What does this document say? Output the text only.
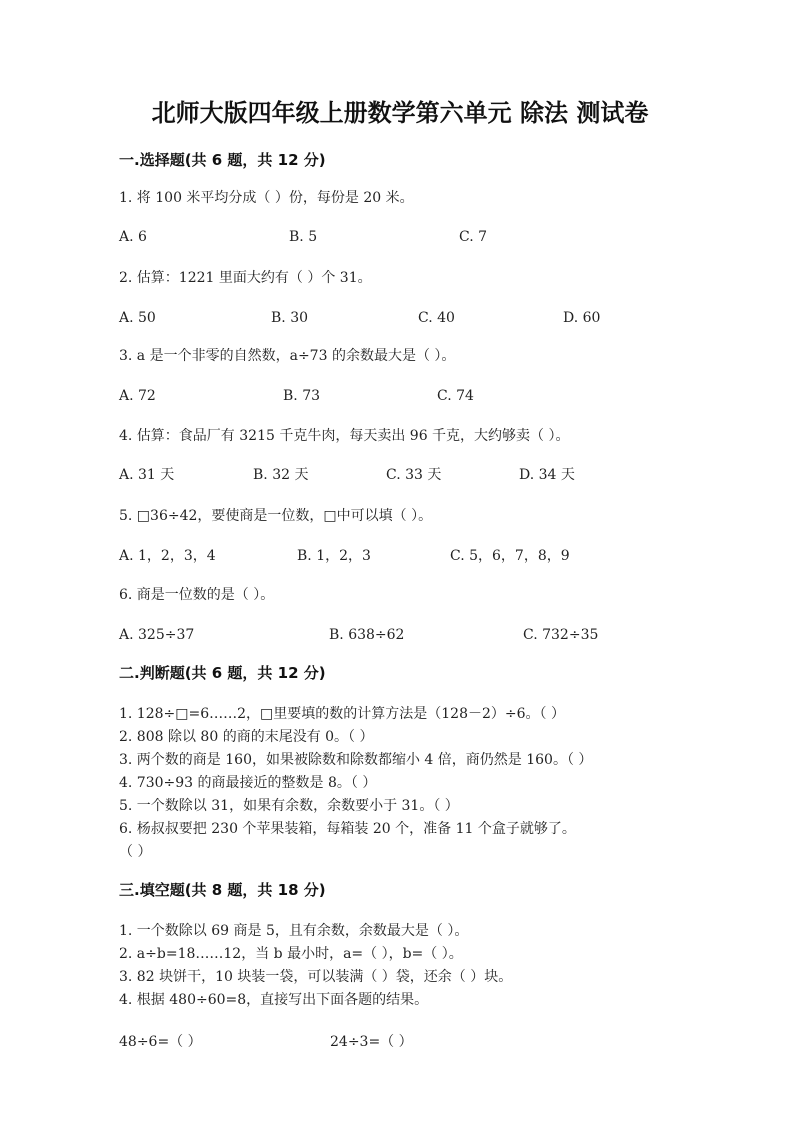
北师大版四年级上册数学第六单元 除法 测试卷
一.选择题(共 6 题，共 12 分)
1. 将 100 米平均分成（ ）份，每份是 20 米。
A. 6	B. 5	C. 7
2. 估算：1221 里面大约有（ ）个 31。
A. 50	B. 30	C. 40	D. 60
3. a 是一个非零的自然数，a÷73 的余数最大是（ ）。
A. 72	B. 73	C. 74
4. 估算：食品厂有 3215 千克牛肉，每天卖出 96 千克，大约够卖（ ）。
A. 31 天	B. 32 天	C. 33 天	D. 34 天
5. □36÷42，要使商是一位数，□中可以填（ ）。
A. 1，2，3，4	B. 1，2，3	C. 5，6，7，8，9
6. 商是一位数的是（ ）。
A. 325÷37	B. 638÷62	C. 732÷35
二.判断题(共 6 题，共 12 分)
1. 128÷□=6……2，□里要填的数的计算方法是（128－2）÷6。（ ）
2. 808 除以 80 的商的末尾没有 0。（ ）
3. 两个数的商是 160，如果被除数和除数都缩小 4 倍，商仍然是 160。（ ）
4. 730÷93 的商最接近的整数是 8。（ ）
5. 一个数除以 31，如果有余数，余数要小于 31。（ ）
6. 杨叔叔要把 230 个苹果装箱，每箱装 20 个，准备 11 个盒子就够了。
（ ）
三.填空题(共 8 题，共 18 分)
1. 一个数除以 69 商是 5，且有余数，余数最大是（ ）。
2. a÷b=18……12，当 b 最小时，a=（ ），b=（ ）。
3. 82 块饼干，10 块装一袋，可以装满（ ）袋，还余（ ）块。
4. 根据 480÷60=8，直接写出下面各题的结果。
48÷6=（ ）	24÷3=（ ）
